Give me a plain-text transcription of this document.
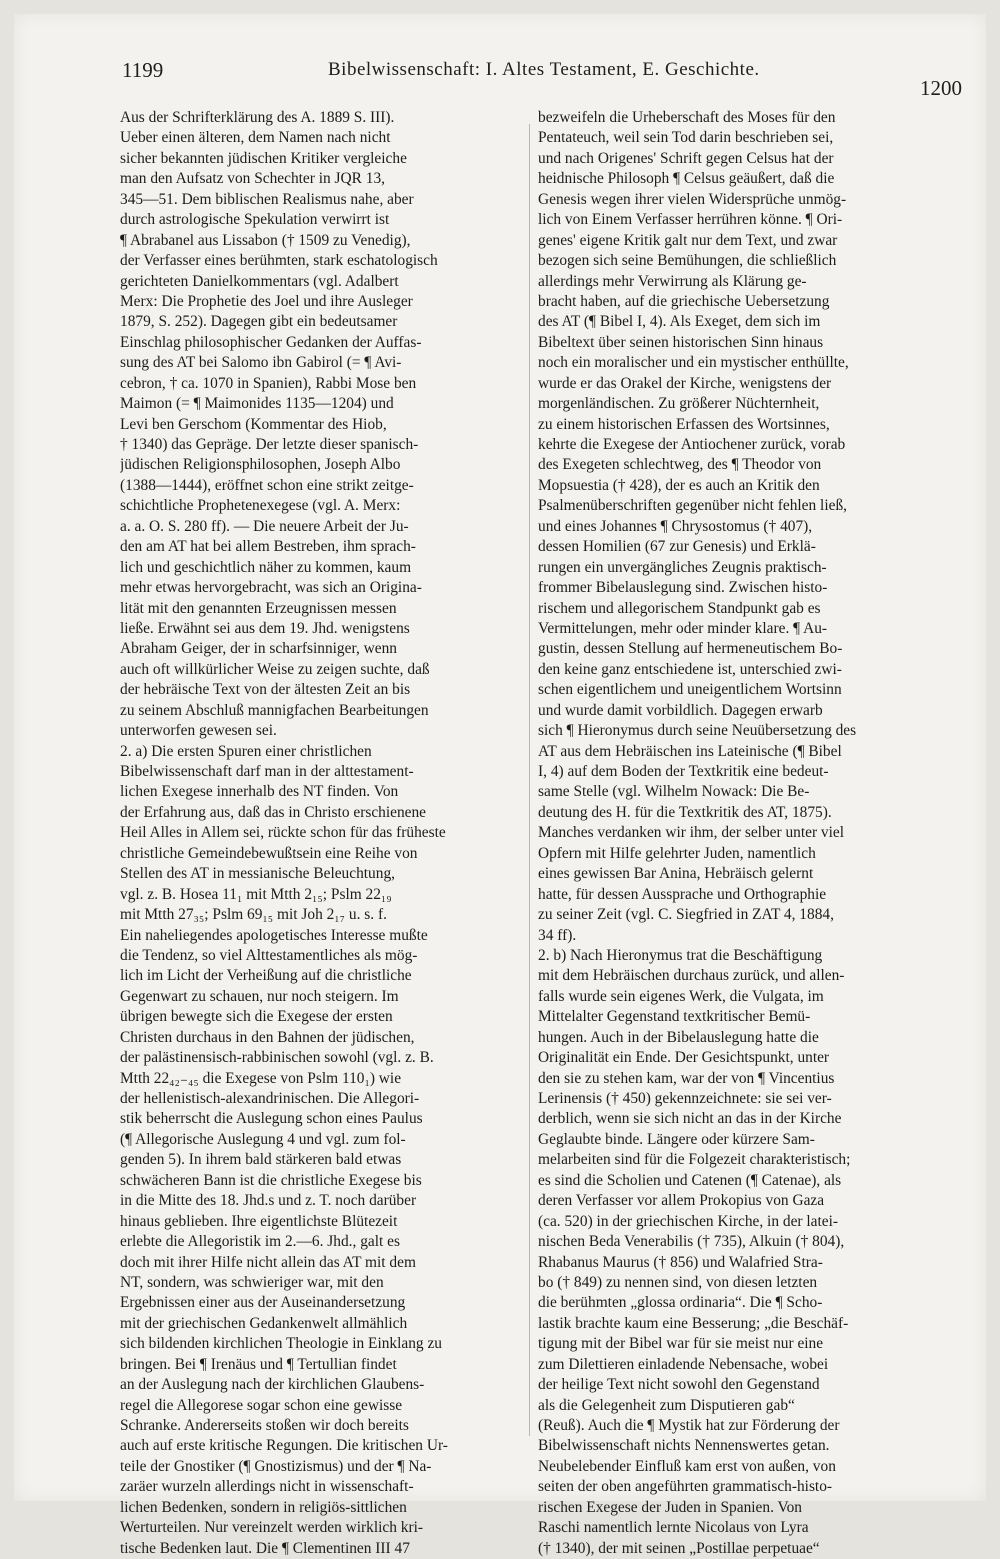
1199	Bibelwissenschaft: I. Altes Testament, E. Geschichte.
1200
Aus der Schrifterklärung des A. 1889 S. III).
Ueber einen älteren, dem Namen nach nicht
sicher bekannten jüdischen Kritiker vergleiche
man den Aufsatz von Schechter in JQR 13,
345—51. Dem biblischen Realismus nahe, aber
durch astrologische Spekulation verwirrt ist
¶ Abrabanel aus Lissabon († 1509 zu Venedig),
der Verfasser eines berühmten, stark eschatologisch
gerichteten Danielkommentars (vgl. Adalbert
Merx: Die Prophetie des Joel und ihre Ausleger
1879, S. 252). Dagegen gibt ein bedeutsamer
Einschlag philosophischer Gedanken der Auffas-
sung des AT bei Salomo ibn Gabirol (= ¶ Avi-
cebron, † ca. 1070 in Spanien), Rabbi Mose ben
Maimon (= ¶ Maimonides 1135—1204) und
Levi ben Gerschom (Kommentar des Hiob,
† 1340) das Gepräge. Der letzte dieser spanisch-
jüdischen Religionsphilosophen, Joseph Albo
(1388—1444), eröffnet schon eine strikt zeitge-
schichtliche Prophetenexegese (vgl. A. Merx:
a. a. O. S. 280 ff). — Die neuere Arbeit der Ju-
den am AT hat bei allem Bestreben, ihm sprach-
lich und geschichtlich näher zu kommen, kaum
mehr etwas hervorgebracht, was sich an Origina-
lität mit den genannten Erzeugnissen messen
ließe. Erwähnt sei aus dem 19. Jhd. wenigstens
Abraham Geiger, der in scharfsinniger, wenn
auch oft willkürlicher Weise zu zeigen suchte, daß
der hebräische Text von der ältesten Zeit an bis
zu seinem Abschluß mannigfachen Bearbeitungen
unterworfen gewesen sei.
2. a) Die ersten Spuren einer christlichen
Bibelwissenschaft darf man in der alttestament-
lichen Exegese innerhalb des NT finden. Von
der Erfahrung aus, daß das in Christo erschienene
Heil Alles in Allem sei, rückte schon für das früheste
christliche Gemeindebewußtsein eine Reihe von
Stellen des AT in messianische Beleuchtung,
vgl. z. B. Hosea 11₁ mit Mtth 2₁₅; Pslm 22₁₉
mit Mtth 27₃₅; Pslm 69₁₅ mit Joh 2₁₇ u. s. f.
Ein naheliegendes apologetisches Interesse mußte
die Tendenz, so viel Alttestamentliches als mög-
lich im Licht der Verheißung auf die christliche
Gegenwart zu schauen, nur noch steigern. Im
übrigen bewegte sich die Exegese der ersten
Christen durchaus in den Bahnen der jüdischen,
der palästinensisch-rabbinischen sowohl (vgl. z. B.
Mtth 22₄₂₋₄₅ die Exegese von Pslm 110₁) wie
der hellenistisch-alexandrinischen. Die Allegori-
stik beherrscht die Auslegung schon eines Paulus
(¶ Allegorische Auslegung 4 und vgl. zum fol-
genden 5). In ihrem bald stärkeren bald etwas
schwächeren Bann ist die christliche Exegese bis
in die Mitte des 18. Jhd.s und z. T. noch darüber
hinaus geblieben. Ihre eigentlichste Blütezeit
erlebte die Allegoristik im 2.—6. Jhd., galt es
doch mit ihrer Hilfe nicht allein das AT mit dem
NT, sondern, was schwieriger war, mit den
Ergebnissen einer aus der Auseinandersetzung
mit der griechischen Gedankenwelt allmählich
sich bildenden kirchlichen Theologie in Einklang zu
bringen. Bei ¶ Irenäus und ¶ Tertullian findet
an der Auslegung nach der kirchlichen Glaubens-
regel die Allegorese sogar schon eine gewisse
Schranke. Andererseits stoßen wir doch bereits
auch auf erste kritische Regungen. Die kritischen Ur-
teile der Gnostiker (¶ Gnostizismus) und der ¶ Na-
zaräer wurzeln allerdings nicht in wissenschaft-
lichen Bedenken, sondern in religiös-sittlichen
Werturteilen. Nur vereinzelt werden wirklich kri-
tische Bedenken laut. Die ¶ Clementinen III 47
bezweifeln die Urheberschaft des Moses für den
Pentateuch, weil sein Tod darin beschrieben sei,
und nach Origenes' Schrift gegen Celsus hat der
heidnische Philosoph ¶ Celsus geäußert, daß die
Genesis wegen ihrer vielen Widersprüche unmög-
lich von Einem Verfasser herrühren könne. ¶ Ori-
genes' eigene Kritik galt nur dem Text, und zwar
bezogen sich seine Bemühungen, die schließlich
allerdings mehr Verwirrung als Klärung ge-
bracht haben, auf die griechische Uebersetzung
des AT (¶ Bibel I, 4). Als Exeget, dem sich im
Bibeltext über seinen historischen Sinn hinaus
noch ein moralischer und ein mystischer enthüllte,
wurde er das Orakel der Kirche, wenigstens der
morgenländischen. Zu größerer Nüchternheit,
zu einem historischen Erfassen des Wortsinnes,
kehrte die Exegese der Antiochener zurück, vorab
des Exegeten schlechtweg, des ¶ Theodor von
Mopsuestia († 428), der es auch an Kritik den
Psalmenüberschriften gegenüber nicht fehlen ließ,
und eines Johannes ¶ Chrysostomus († 407),
dessen Homilien (67 zur Genesis) und Erklä-
rungen ein unvergängliches Zeugnis praktisch-
frommer Bibelauslegung sind. Zwischen histo-
rischem und allegorischem Standpunkt gab es
Vermittelungen, mehr oder minder klare. ¶ Au-
gustin, dessen Stellung auf hermeneutischem Bo-
den keine ganz entschiedene ist, unterschied zwi-
schen eigentlichem und uneigentlichem Wortsinn
und wurde damit vorbildlich. Dagegen erwarb
sich ¶ Hieronymus durch seine Neuübersetzung des
AT aus dem Hebräischen ins Lateinische (¶ Bibel
I, 4) auf dem Boden der Textkritik eine bedeut-
same Stelle (vgl. Wilhelm Nowack: Die Be-
deutung des H. für die Textkritik des AT, 1875).
Manches verdanken wir ihm, der selber unter viel
Opfern mit Hilfe gelehrter Juden, namentlich
eines gewissen Bar Anina, Hebräisch gelernt
hatte, für dessen Aussprache und Orthographie
zu seiner Zeit (vgl. C. Siegfried in ZAT 4, 1884,
34 ff).
2. b) Nach Hieronymus trat die Beschäftigung
mit dem Hebräischen durchaus zurück, und allen-
falls wurde sein eigenes Werk, die Vulgata, im
Mittelalter Gegenstand textkritischer Bemü-
hungen. Auch in der Bibelauslegung hatte die
Originalität ein Ende. Der Gesichtspunkt, unter
den sie zu stehen kam, war der von ¶ Vincentius
Lerinensis († 450) gekennzeichnete: sie sei ver-
derblich, wenn sie sich nicht an das in der Kirche
Geglaubte binde. Längere oder kürzere Sam-
melarbeiten sind für die Folgezeit charakteristisch;
es sind die Scholien und Catenen (¶ Catenae), als
deren Verfasser vor allem Prokopius von Gaza
(ca. 520) in der griechischen Kirche, in der latei-
nischen Beda Venerabilis († 735), Alkuin († 804),
Rhabanus Maurus († 856) und Walafried Stra-
bo († 849) zu nennen sind, von diesen letzten
die berühmten „glossa ordinaria“. Die ¶ Scho-
lastik brachte kaum eine Besserung; „die Beschäf-
tigung mit der Bibel war für sie meist nur eine
zum Dilettieren einladende Nebensache, wobei
der heilige Text nicht sowohl den Gegenstand
als die Gelegenheit zum Disputieren gab“
(Reuß). Auch die ¶ Mystik hat zur Förderung der
Bibelwissenschaft nichts Nennenswertes getan.
Neubelebender Einfluß kam erst von außen, von
seiten der oben angeführten grammatisch-histo-
rischen Exegese der Juden in Spanien. Von
Raschi namentlich lernte Nicolaus von Lyra
(† 1340), der mit seinen „Postillae perpetuae“
